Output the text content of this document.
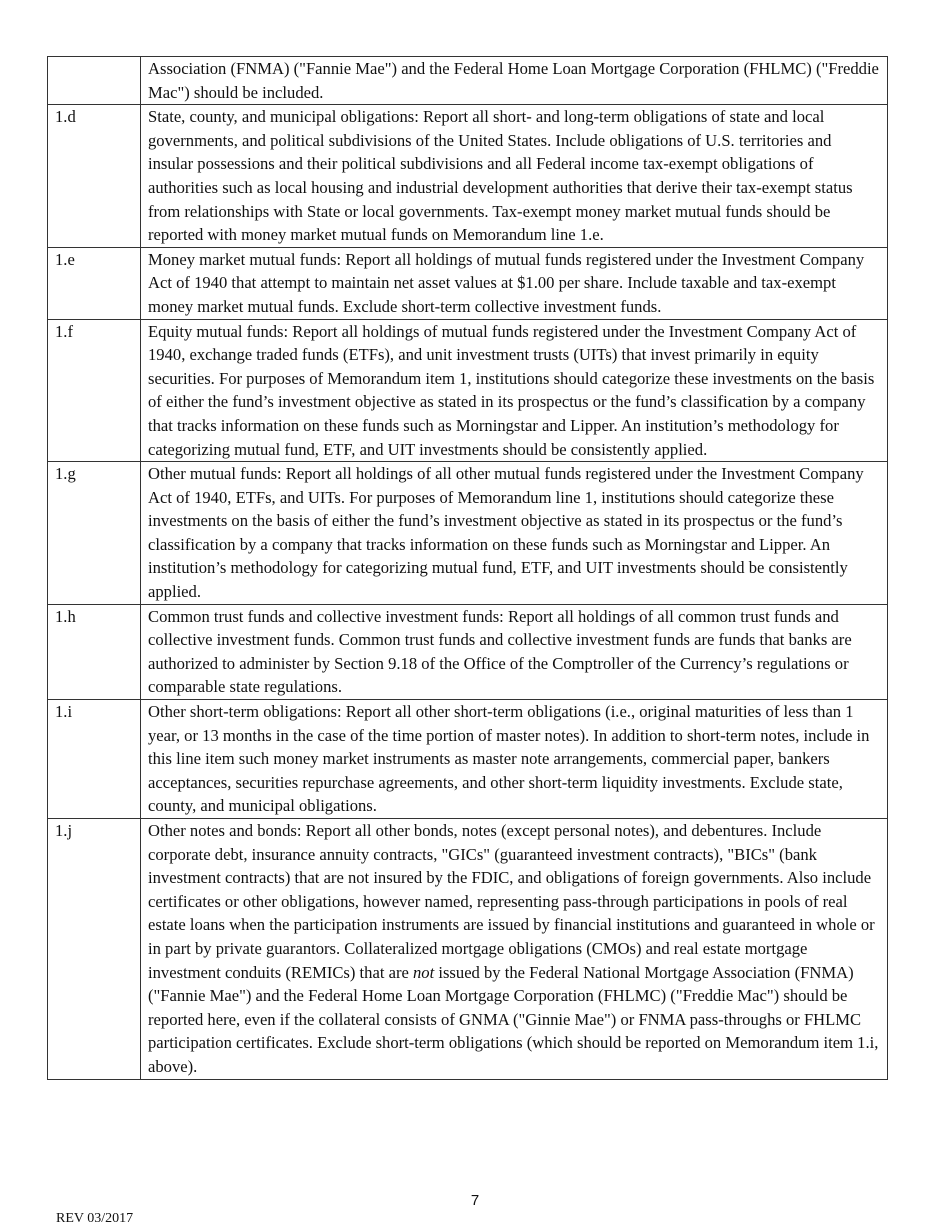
	Association (FNMA) ("Fannie Mae") and the Federal Home Loan Mortgage Corporation (FHLMC) ("Freddie Mac") should be included.
1.d	State, county, and municipal obligations: Report all short- and long-term obligations of state and local governments, and political subdivisions of the United States. Include obligations of U.S. territories and insular possessions and their political subdivisions and all Federal income tax-exempt obligations of authorities such as local housing and industrial development authorities that derive their tax-exempt status from relationships with State or local governments. Tax-exempt money market mutual funds should be reported with money market mutual funds on Memorandum line 1.e.
1.e	Money market mutual funds: Report all holdings of mutual funds registered under the Investment Company Act of 1940 that attempt to maintain net asset values at $1.00 per share. Include taxable and tax-exempt money market mutual funds. Exclude short-term collective investment funds.
1.f	Equity mutual funds: Report all holdings of mutual funds registered under the Investment Company Act of 1940, exchange traded funds (ETFs), and unit investment trusts (UITs) that invest primarily in equity securities. For purposes of Memorandum item 1, institutions should categorize these investments on the basis of either the fund’s investment objective as stated in its prospectus or the fund’s classification by a company that tracks information on these funds such as Morningstar and Lipper. An institution’s methodology for categorizing mutual fund, ETF, and UIT investments should be consistently applied.
1.g	Other mutual funds: Report all holdings of all other mutual funds registered under the Investment Company Act of 1940, ETFs, and UITs. For purposes of Memorandum line 1, institutions should categorize these investments on the basis of either the fund’s investment objective as stated in its prospectus or the fund’s classification by a company that tracks information on these funds such as Morningstar and Lipper. An institution’s methodology for categorizing mutual fund, ETF, and UIT investments should be consistently applied.
1.h	Common trust funds and collective investment funds: Report all holdings of all common trust funds and collective investment funds. Common trust funds and collective investment funds are funds that banks are authorized to administer by Section 9.18 of the Office of the Comptroller of the Currency’s regulations or comparable state regulations.
1.i	Other short-term obligations: Report all other short-term obligations (i.e., original maturities of less than 1 year, or 13 months in the case of the time portion of master notes). In addition to short-term notes, include in this line item such money market instruments as master note arrangements, commercial paper, bankers acceptances, securities repurchase agreements, and other short-term liquidity investments. Exclude state, county, and municipal obligations.
1.j	Other notes and bonds: Report all other bonds, notes (except personal notes), and debentures. Include corporate debt, insurance annuity contracts, "GICs" (guaranteed investment contracts), "BICs" (bank investment contracts) that are not insured by the FDIC, and obligations of foreign governments. Also include certificates or other obligations, however named, representing pass-through participations in pools of real estate loans when the participation instruments are issued by financial institutions and guaranteed in whole or in part by private guarantors. Collateralized mortgage obligations (CMOs) and real estate mortgage investment conduits (REMICs) that are not issued by the Federal National Mortgage Association (FNMA) ("Fannie Mae") and the Federal Home Loan Mortgage Corporation (FHLMC) ("Freddie Mac") should be reported here, even if the collateral consists of GNMA ("Ginnie Mae") or FNMA pass-throughs or FHLMC participation certificates. Exclude short-term obligations (which should be reported on Memorandum item 1.i, above).
7
REV 03/2017
